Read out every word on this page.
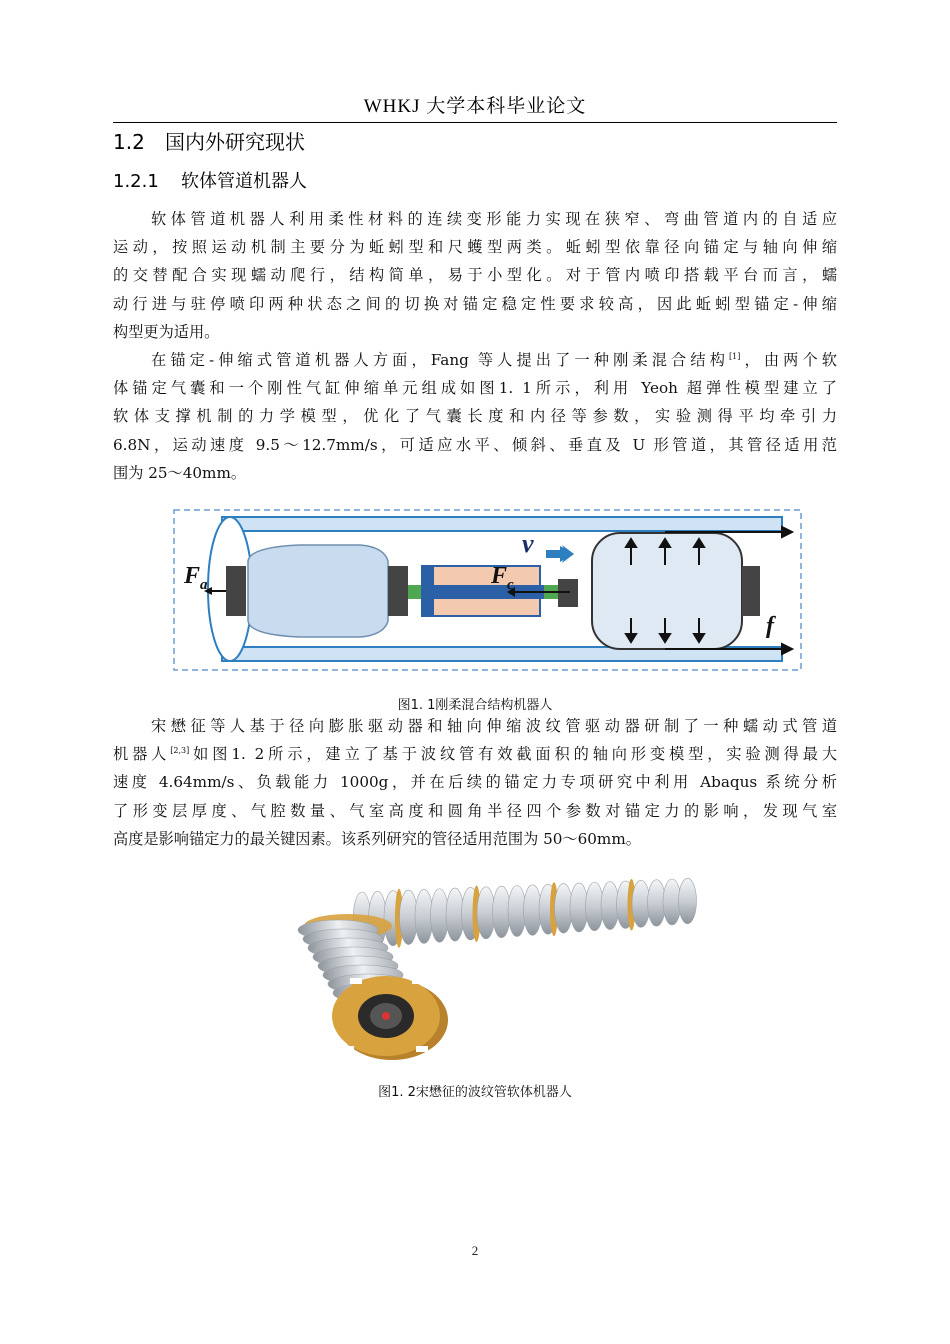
WHKJ 大学本科毕业论文
1.2 国内外研究现状
1.2.1 软体管道机器人
软体管道机器人利用柔性材料的连续变形能力实现在狭窄、弯曲管道内的自适应
运动，按照运动机制主要分为蚯蚓型和尺蠖型两类。蚯蚓型依靠径向锚定与轴向伸缩
的交替配合实现蠕动爬行，结构简单，易于小型化。对于管内喷印搭载平台而言，蠕
动行进与驻停喷印两种状态之间的切换对锚定稳定性要求较高，因此蚯蚓型锚定-伸缩
构型更为适用。
在锚定-伸缩式管道机器人方面，Fang 等人提出了一种刚柔混合结构[1]，由两个软
体锚定气囊和一个刚性气缸伸缩单元组成如图1. 1所示，利用 Yeoh 超弹性模型建立了
软体支撑机制的力学模型，优化了气囊长度和内径等参数，实验测得平均牵引力
6.8N，运动速度 9.5～12.7mm/s，可适应水平、倾斜、垂直及 U 形管道，其管径适用范
围为 25～40mm。
$F_a$	$F_c$
v
f
图1. 1刚柔混合结构机器人
宋懋征等人基于径向膨胀驱动器和轴向伸缩波纹管驱动器研制了一种蠕动式管道
机器人[2,3]如图1. 2所示，建立了基于波纹管有效截面积的轴向形变模型，实验测得最大
速度 4.64mm/s、负载能力 1000g，并在后续的锚定力专项研究中利用 Abaqus 系统分析
了形变层厚度、气腔数量、气室高度和圆角半径四个参数对锚定力的影响，发现气室
高度是影响锚定力的最关键因素。该系列研究的管径适用范围为 50～60mm。
图1. 2宋懋征的波纹管软体机器人
2
